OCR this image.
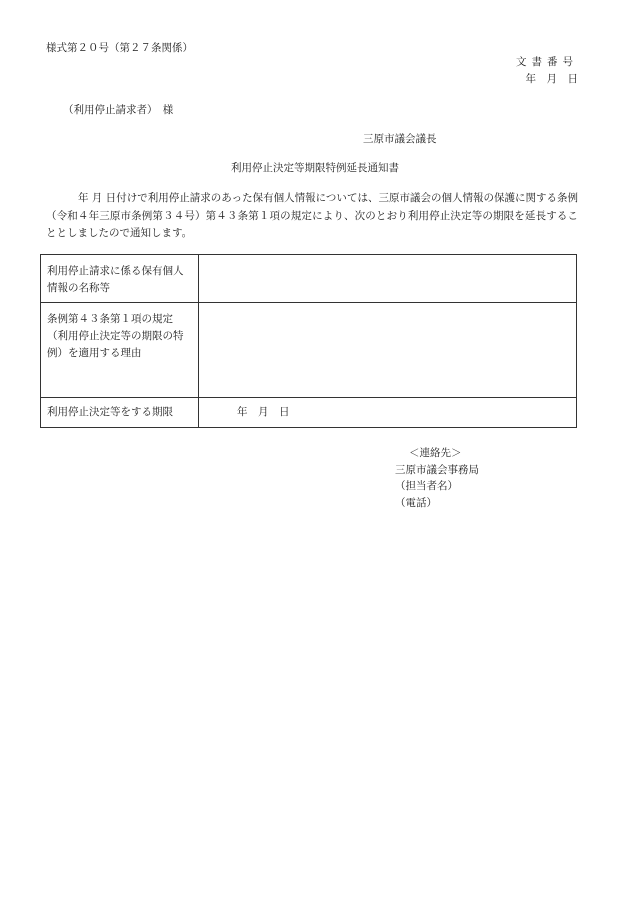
様式第２０号（第２７条関係）
文書番号
年　月　日
（利用停止請求者）　様
三原市議会議長
利用停止決定等期限特例延長通知書
年 月 日付けで利用停止請求のあった保有個人情報については、三原市議会の個人情報の保護に関する条例（令和４年三原市条例第３４号）第４３条第１項の規定により、次のとおり利用停止決定等の期限を延長することとしましたので通知します。
利用停止請求に係る保有個人情報の名称等	
条例第４３条第１項の規定（利用停止決定等の期限の特例）を適用する理由	
利用停止決定等をする期限	年　月　日
＜連絡先＞
三原市議会事務局
（担当者名）
（電話）
